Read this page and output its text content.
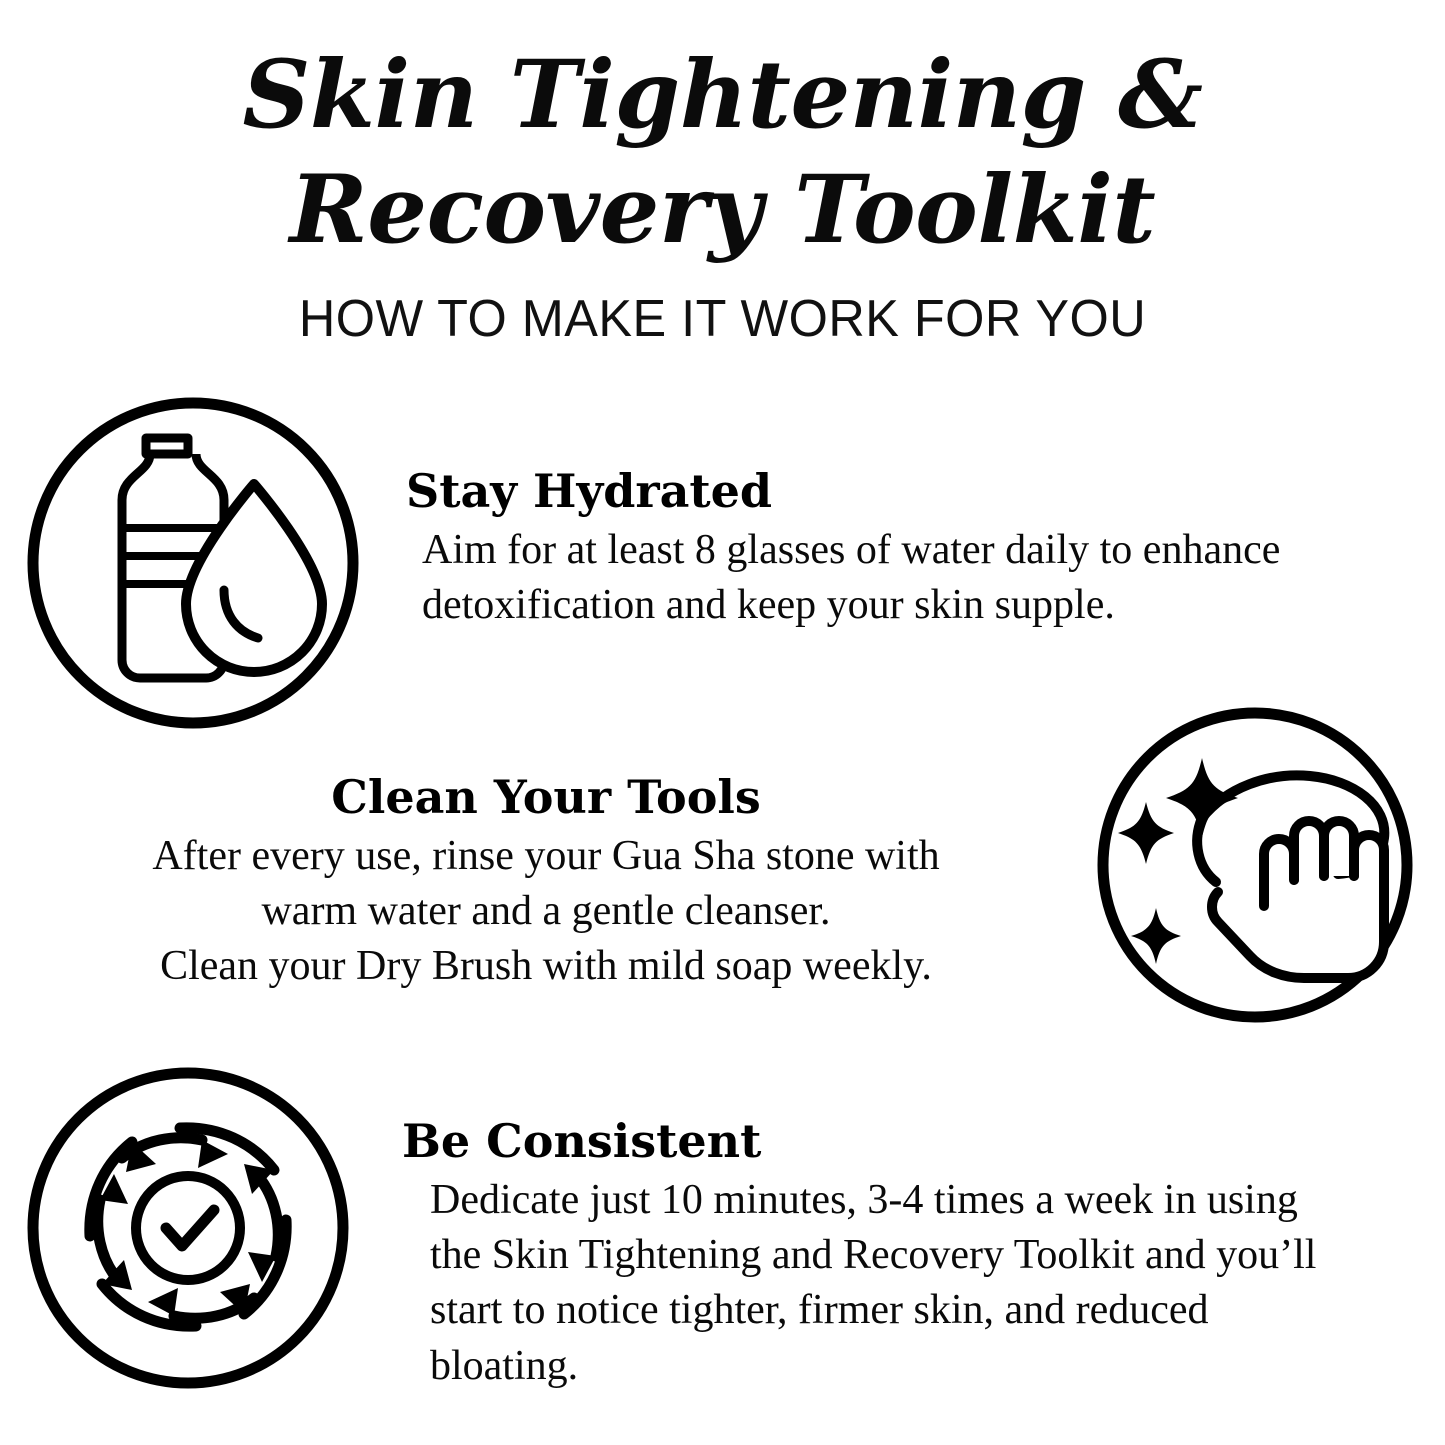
Skin Tightening &
Recovery Toolkit
HOW TO MAKE IT WORK FOR YOU
Stay Hydrated

Aim for at least 8 glasses of water daily to enhance detoxification and keep your skin supple.

Clean Your Tools

After every use, rinse your Gua Sha stone with
warm water and a gentle cleanser.
Clean your Dry Brush with mild soap weekly.

Be Consistent

Dedicate just 10 minutes, 3-4 times a week in using the Skin Tightening and Recovery Toolkit and you’ll start to notice tighter, firmer skin, and reduced bloating.
